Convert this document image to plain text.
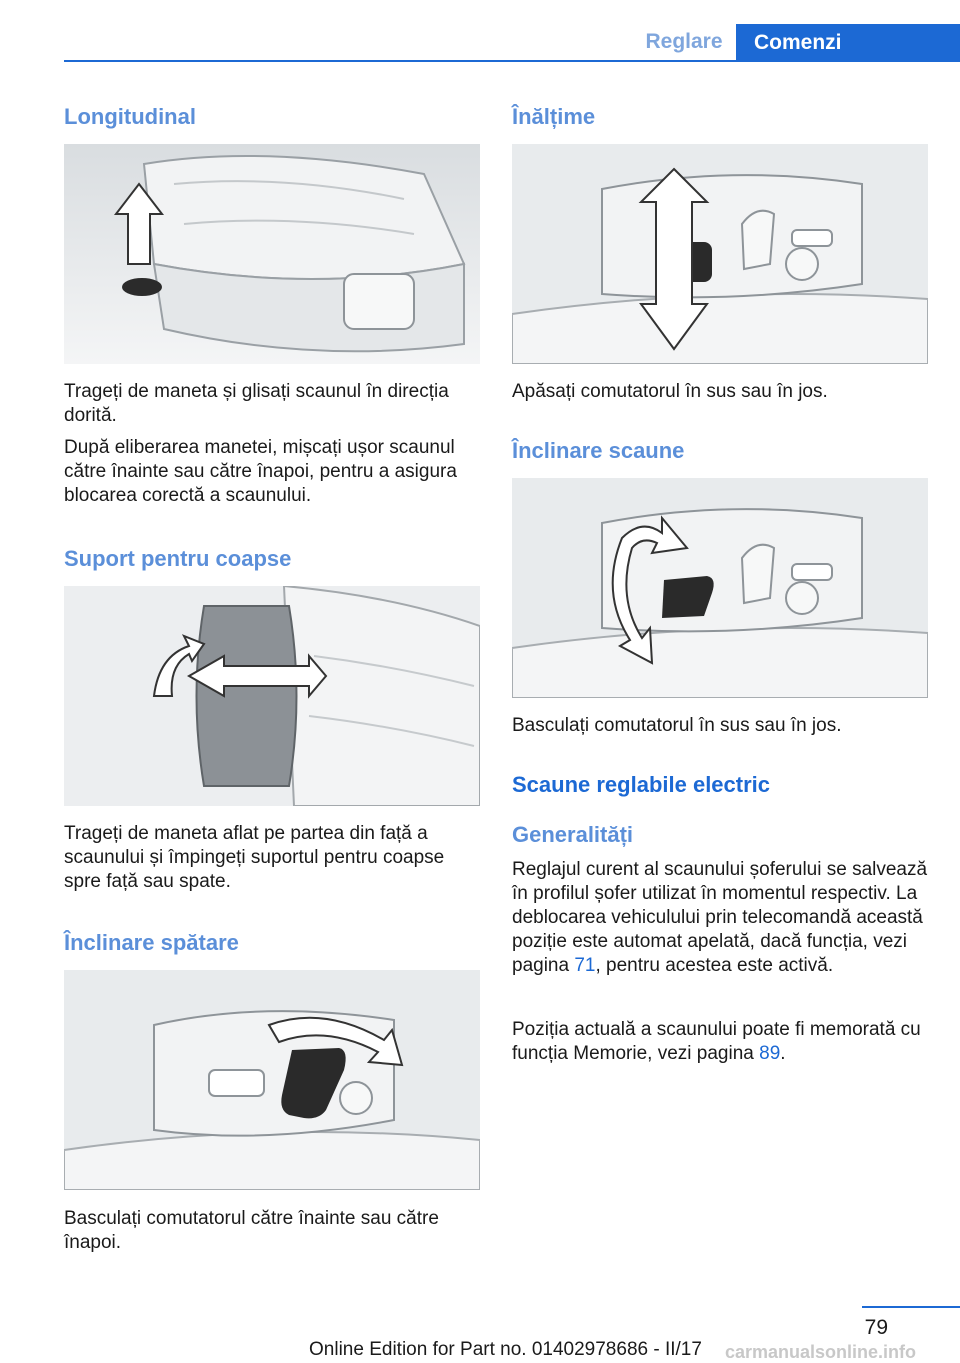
Reglare	Comenzi
Longitudinal

Trageți de maneta și glisați scaunul în direcția dorită.

După eliberarea manetei, mișcați ușor scaunul către înainte sau către înapoi, pentru a asigura blocarea corectă a scaunului.

Suport pentru coapse

Trageți de maneta aflat pe partea din față a scaunului și împingeți suportul pentru coapse spre față sau spate.

Înclinare spătare

Basculați comutatorul către înainte sau către înapoi.

Înălțime

Apăsați comutatorul în sus sau în jos.

Înclinare scaune

Basculați comutatorul în sus sau în jos.

Scaune reglabile electric
Generalități

Reglajul curent al scaunului șoferului se salvează în profilul șofer utilizat în momentul respectiv. La deblocarea vehiculului prin telecomandă această poziție este automat apelată, dacă funcția, vezi pagina 71, pentru acestea este activă.

Poziția actuală a scaunului poate fi memorată cu funcția Memorie, vezi pagina 89.

79
Online Edition for Part no. 01402978686 - II/17 carmanualsonline.info
